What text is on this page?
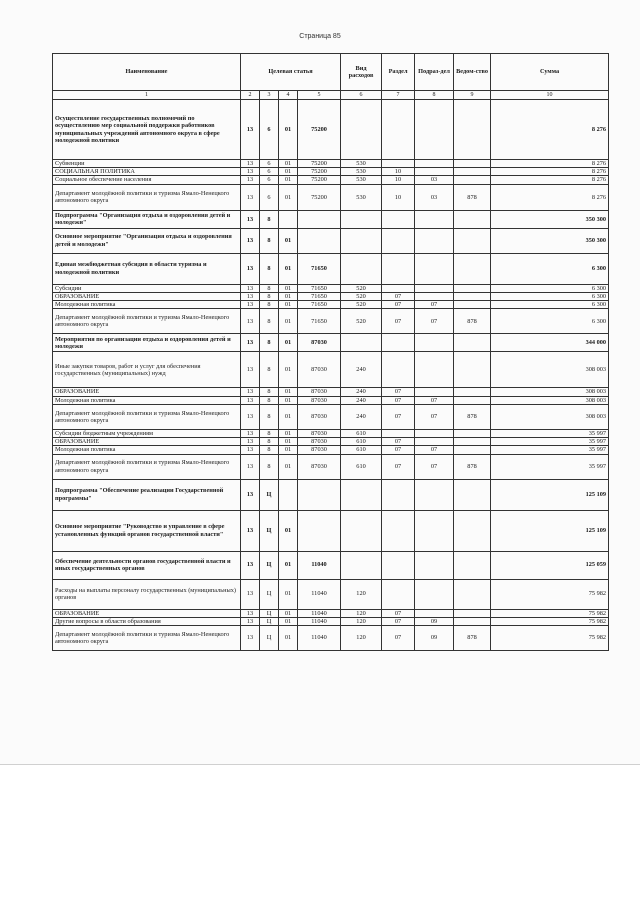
Страница 85
Наименование	Целевая статья				Вид расходов	Раздел	Подраз-дел	Ведом-ство	Сумма
1	2	3	4	5	6	7	8	9	10
Осуществление государственных полномочий по осуществлению мер социальной поддержки работников муниципальных учреждений автономного округа в сфере молодежной политики	13	6	01	75200					8 276
Субвенции	13	6	01	75200	530				8 276
СОЦИАЛЬНАЯ ПОЛИТИКА	13	6	01	75200	530	10			8 276
Социальное обеспечение населения	13	6	01	75200	530	10	03		8 276
Департамент молодёжной политики и туризма Ямало-Ненецкого автономного округа	13	6	01	75200	530	10	03	878	8 276
Подпрограмма "Организация отдыха и оздоровления детей и молодежи"	13	8							350 300
Основное мероприятие "Организация отдыха и оздоровления детей и молодежи"	13	8	01						350 300
Единая межбюджетная субсидия в области туризма и молодежной политики	13	8	01	71650					6 300
Субсидии	13	8	01	71650	520				6 300
ОБРАЗОВАНИЕ	13	8	01	71650	520	07			6 300
Молодежная политика	13	8	01	71650	520	07	07		6 300
Департамент молодёжной политики и туризма Ямало-Ненецкого автономного округа	13	8	01	71650	520	07	07	878	6 300
Мероприятия по организации отдыха и оздоровления детей и молодежи	13	8	01	87030					344 000
Иные закупки товаров, работ и услуг для обеспечения государственных (муниципальных) нужд	13	8	01	87030	240				308 003
ОБРАЗОВАНИЕ	13	8	01	87030	240	07			308 003
Молодежная политика	13	8	01	87030	240	07	07		308 003
Департамент молодёжной политики и туризма Ямало-Ненецкого автономного округа	13	8	01	87030	240	07	07	878	308 003
Субсидии бюджетным учреждениям	13	8	01	87030	610				35 997
ОБРАЗОВАНИЕ	13	8	01	87030	610	07			35 997
Молодежная политика	13	8	01	87030	610	07	07		35 997
Департамент молодёжной политики и туризма Ямало-Ненецкого автономного округа	13	8	01	87030	610	07	07	878	35 997
Подпрограмма "Обеспечение реализации Государственной программы"	13	Ц							125 109
Основное мероприятие "Руководство и управление в сфере установленных функций органов государственной власти"	13	Ц	01						125 109
Обеспечение деятельности органов государственной власти и иных государственных органов	13	Ц	01	11040					125 059
Расходы на выплаты персоналу государственных (муниципальных) органов	13	Ц	01	11040	120				75 982
ОБРАЗОВАНИЕ	13	Ц	01	11040	120	07			75 982
Другие вопросы в области образования	13	Ц	01	11040	120	07	09		75 982
Департамент молодёжной политики и туризма Ямало-Ненецкого автономного округа	13	Ц	01	11040	120	07	09	878	75 982
